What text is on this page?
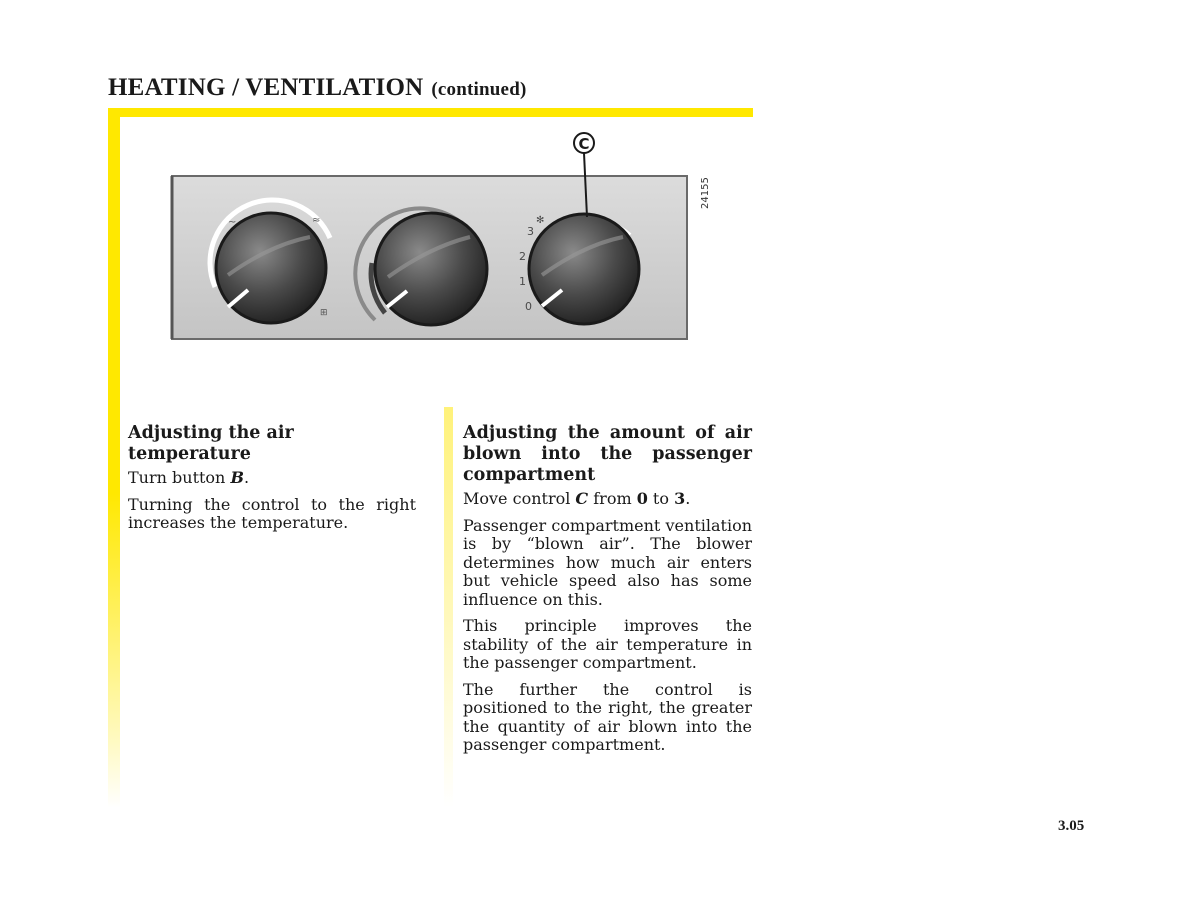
HEATING / VENTILATION (continued)
~	≈
⊞
3
2
1
0
✻
C
24155
Adjusting the air temperature

Turn button B.

Turning the control to the right increases the temperature.

Adjusting the amount of air blown into the passenger compartment

Move control C from 0 to 3.

Passenger compartment ventilation is by “blown air”. The blower determines how much air enters but vehicle speed also has some influence on this.

This principle improves the stability of the air temperature in the passenger compartment.

The further the control is positioned to the right, the greater the quantity of air blown into the passenger compartment.

3.05
